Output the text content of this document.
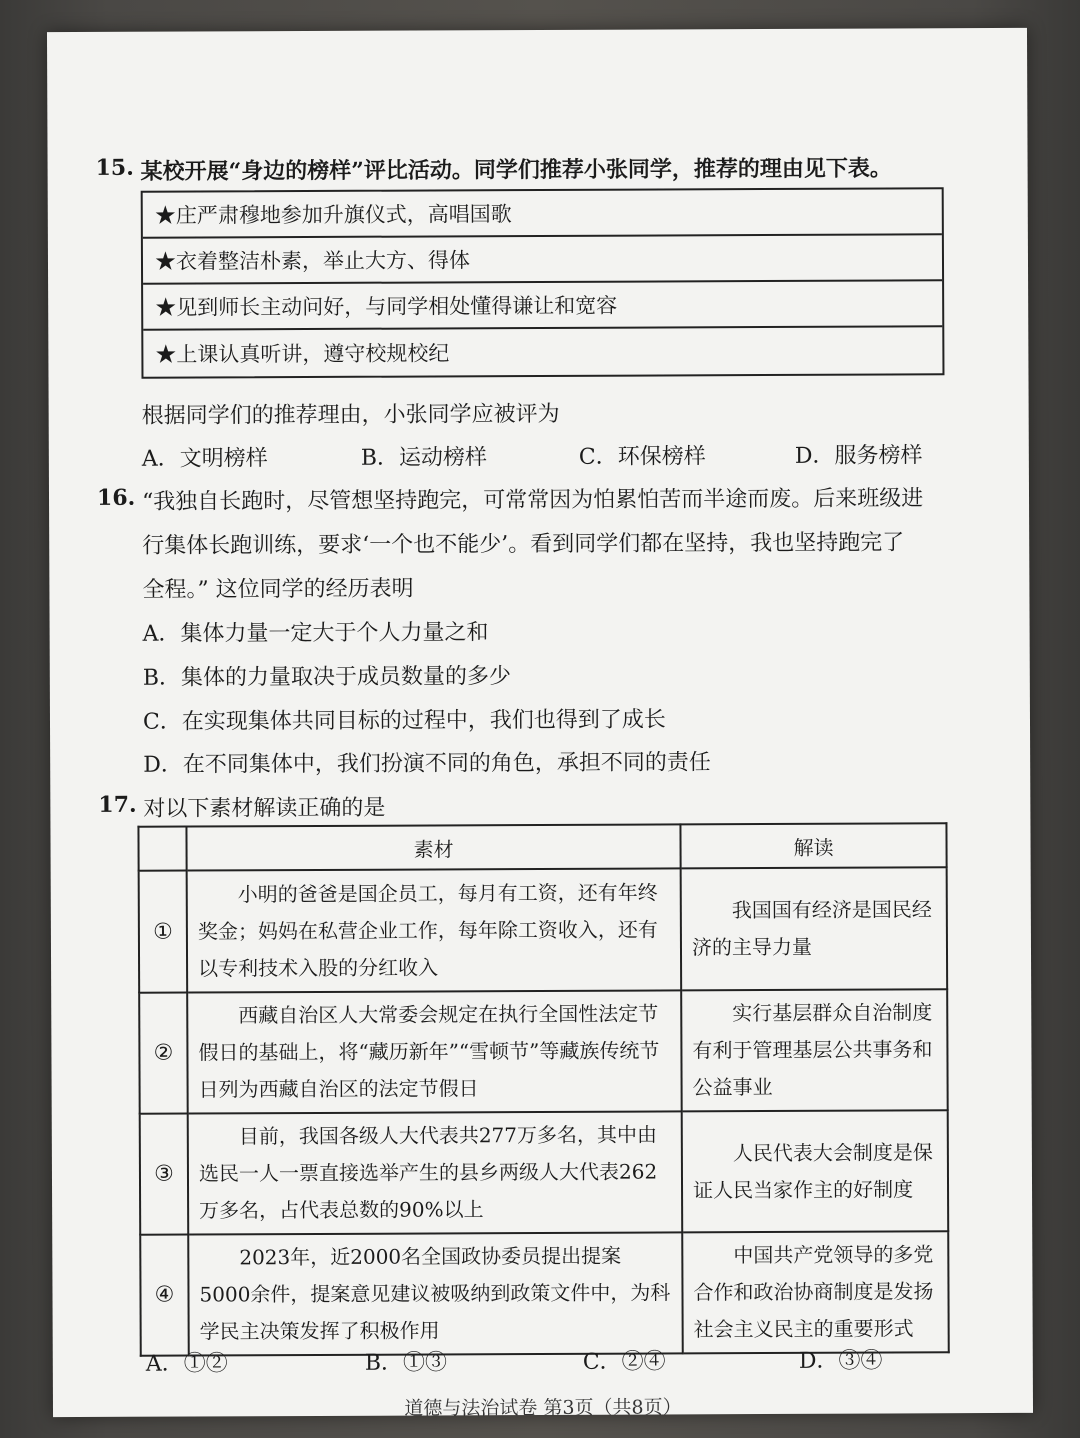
15. 某校开展“身边的榜样”评比活动。同学们推荐小张同学，推荐的理由见下表。
★庄严肃穆地参加升旗仪式，高唱国歌
★衣着整洁朴素，举止大方、得体
★见到师长主动问好，与同学相处懂得谦让和宽容
★上课认真听讲，遵守校规校纪
根据同学们的推荐理由，小张同学应被评为
A．文明榜样	B．运动榜样	C．环保榜样	D．服务榜样
16. “我独自长跑时，尽管想坚持跑完，可常常因为怕累怕苦而半途而废。后来班级进
行集体长跑训练，要求‘一个也不能少’。看到同学们都在坚持，我也坚持跑完了
全程。” 这位同学的经历表明
A．集体力量一定大于个人力量之和
B．集体的力量取决于成员数量的多少
C．在实现集体共同目标的过程中，我们也得到了成长
D．在不同集体中，我们扮演不同的角色，承担不同的责任
17. 对以下素材解读正确的是
	素材	解读
①	小明的爸爸是国企员工，每月有工资，还有年终奖金；妈妈在私营企业工作，每年除工资收入，还有以专利技术入股的分红收入	我国国有经济是国民经济的主导力量
②	西藏自治区人大常委会规定在执行全国性法定节假日的基础上，将“藏历新年”“雪顿节”等藏族传统节日列为西藏自治区的法定节假日	实行基层群众自治制度有利于管理基层公共事务和公益事业
③	目前，我国各级人大代表共277万多名，其中由选民一人一票直接选举产生的县乡两级人大代表262万多名，占代表总数的90%以上	人民代表大会制度是保证人民当家作主的好制度
④	2023年，近2000名全国政协委员提出提案5000余件，提案意见建议被吸纳到政策文件中，为科学民主决策发挥了积极作用	中国共产党领导的多党合作和政治协商制度是发扬社会主义民主的重要形式
A．①②	B．①③	C．②④	D．③④
道德与法治试卷 第3页（共8页）
